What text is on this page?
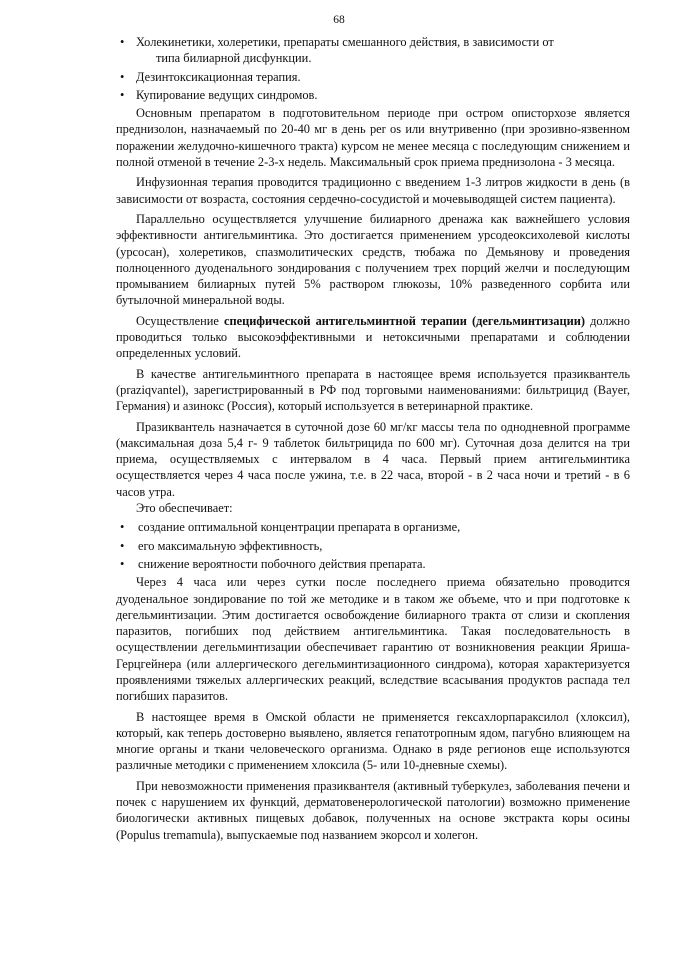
68
• Холекинетики, холеретики, препараты смешанного действия, в зависимости от
типа билиарной дисфункции.
• Дезинтоксикационная терапия.
• Купирование ведущих синдромов.

Основным препаратом в подготовительном периоде при остром описторхозе является преднизолон, назначаемый по 20-40 мг в день per os или внутривенно (при эрозивно-язвенном поражении желудочно-кишечного тракта) курсом не менее месяца с последующим снижением и полной отменой в течение 2-3-х недель. Максимальный срок приема преднизолона - 3 месяца.

Инфузионная терапия проводится традиционно с введением 1-3 литров жидкости в день (в зависимости от возраста, состояния сердечно-сосудистой и мочевыводящей систем пациента).

Параллельно осуществляется улучшение билиарного дренажа как важнейшего условия эффективности антигельминтика. Это достигается применением урсодеоксихолевой кислоты (урсосан), холеретиков, спазмолитических средств, тюбажа по Демьянову и проведения полноценного дуоденального зондирования с получением трех порций желчи и последующим промыванием билиарных путей 5% раствором глюкозы, 10% разведенного сорбита или бутылочной минеральной воды.

Осуществление специфической антигельминтной терапии (дегельминтизации) должно проводиться только высокоэффективными и нетоксичными препаратами и соблюдении определенных условий.

В качестве антигельминтного препарата в настоящее время используется празиквантель (praziqvantel), зарегистрированный в РФ под торговыми наименованиями: бильтрицид (Bayer, Германия) и азинокс (Россия), который используется в ветеринарной практике.

Празиквантель назначается в суточной дозе 60 мг/кг массы тела по однодневной программе (максимальная доза 5,4 г- 9 таблеток бильтрицида по 600 мг). Суточная доза делится на три приема, осуществляемых с интервалом в 4 часа. Первый прием антигельминтика осуществляется через 4 часа после ужина, т.е. в 22 часа, второй - в 2 часа ночи и третий - в 6 часов утра.

Это обеспечивает:

• создание оптимальной концентрации препарата в организме,
• его максимальную эффективность,
• снижение вероятности побочного действия препарата.

Через 4 часа или через сутки после последнего приема обязательно проводится дуоденальное зондирование по той же методике и в таком же объеме, что и при подготовке к дегельминтизации. Этим достигается освобождение билиарного тракта от слизи и скопления паразитов, погибших под действием антигельминтика. Такая последовательность в осуществлении дегельминтизации обеспечивает гарантию от возникновения реакции Яриша-Герцгейнера (или аллергического дегельминтизационного синдрома), которая характеризуется проявлениями тяжелых аллергических реакций, вследствие всасывания продуктов распада тел погибших паразитов.

В настоящее время в Омской области не применяется гексахлорпараксилол (хлоксил), который, как теперь достоверно выявлено, является гепатотропным ядом, пагубно влияющем на многие органы и ткани человеческого организма. Однако в ряде регионов еще используются различные методики с применением хлоксила (5- или 10-дневные схемы).

При невозможности применения празиквантеля (активный туберкулез, заболевания печени и почек с нарушением их функций, дерматовенерологической патологии) возможно применение биологически активных пищевых добавок, полученных на основе экстракта коры осины (Populus tremamula), выпускаемые под названием экорсол и холегон.
